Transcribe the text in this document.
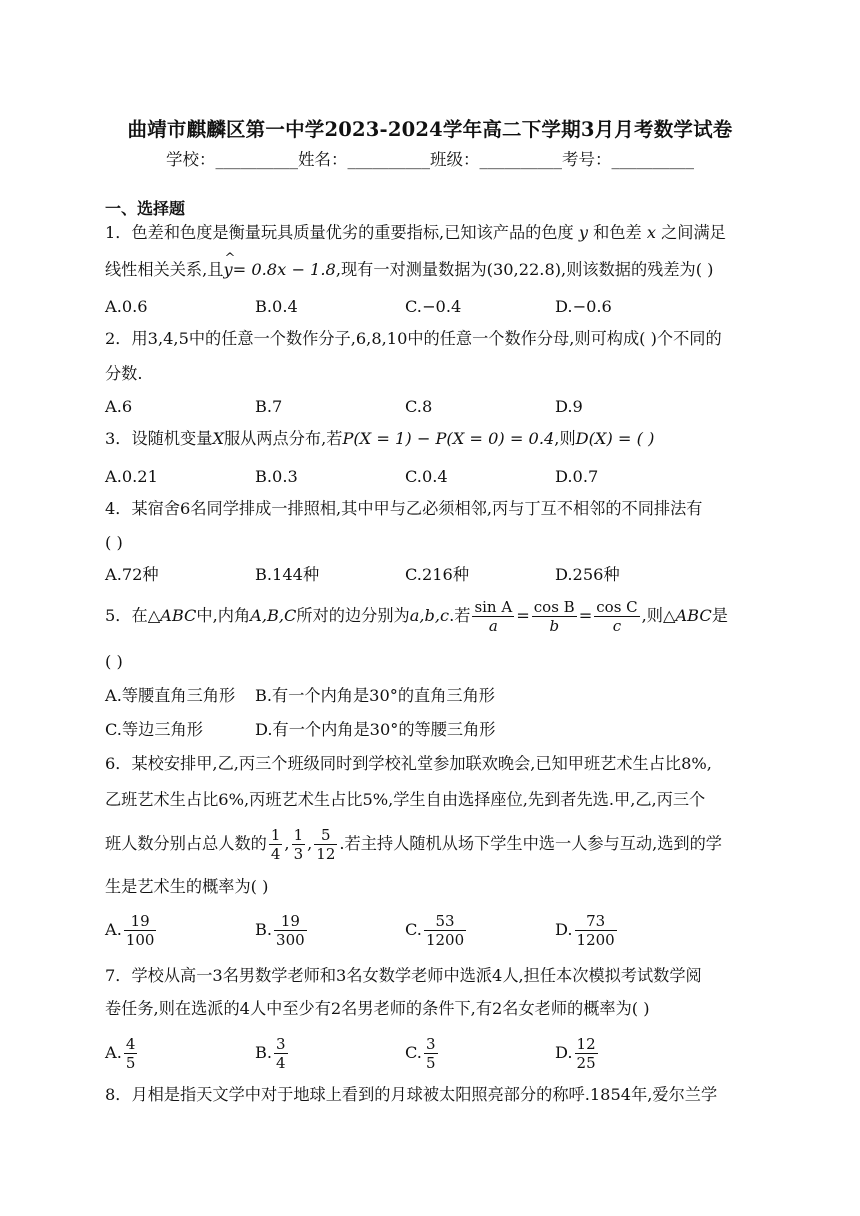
曲靖市麒麟区第一中学2023-2024学年高二下学期3月月考数学试卷
学校：__________姓名：__________班级：__________考号：__________
一、选择题
1．色差和色度是衡量玩具质量优劣的重要指标,已知该产品的色度 y 和色差 x 之间满足
线性相关关系,且^ y= 0.8x − 1.8,现有一对测量数据为(30,22.8),则该数据的残差为( )
A.0.6	B.0.4	C.−0.4	D.−0.6
2．用3,4,5中的任意一个数作分子,6,8,10中的任意一个数作分母,则可构成( )个不同的
分数.
A.6	B.7	C.8	D.9
3．设随机变量X服从两点分布,若P(X = 1) − P(X = 0) = 0.4,则D(X) = ( )
A.0.21	B.0.3	C.0.4	D.0.7
4．某宿舍6名同学排成一排照相,其中甲与乙必须相邻,丙与丁互不相邻的不同排法有
( )
A.72种	B.144种	C.216种	D.256种
5．在△ABC中,内角A,B,C所对的边分别为a,b,c.若 $\frac{\text{sin A}}{a} = \frac{\text{cos B}}{b} = \frac{\text{cos C}}{c}$ ,则△ABC是
( )
A.等腰直角三角形 B.有一个内角是30°的直角三角形
C.等边三角形	D.有一个内角是30°的等腰三角形
6．某校安排甲,乙,丙三个班级同时到学校礼堂参加联欢晚会,已知甲班艺术生占比8%,
乙班艺术生占比6%,丙班艺术生占比5%,学生自由选择座位,先到者先选.甲,乙,丙三个
班人数分别占总人数的 $\frac{1}{4}$ , $\frac{1}{3}$ , $\frac{5}{12}$ .若主持人随机从场下学生中选一人参与互动,选到的学
生是艺术生的概率为( )
A. $\frac{19}{100}$	B. $\frac{19}{300}$	C. $\frac{53}{1200}$	D. $\frac{73}{1200}$
7．学校从高一3名男数学老师和3名女数学老师中选派4人,担任本次模拟考试数学阅
卷任务,则在选派的4人中至少有2名男老师的条件下,有2名女老师的概率为( )
A. $\frac{4}{5}$	B. $\frac{3}{4}$	C. $\frac{3}{5}$	D. $\frac{12}{25}$
8．月相是指天文学中对于地球上看到的月球被太阳照亮部分的称呼.1854年,爱尔兰学
